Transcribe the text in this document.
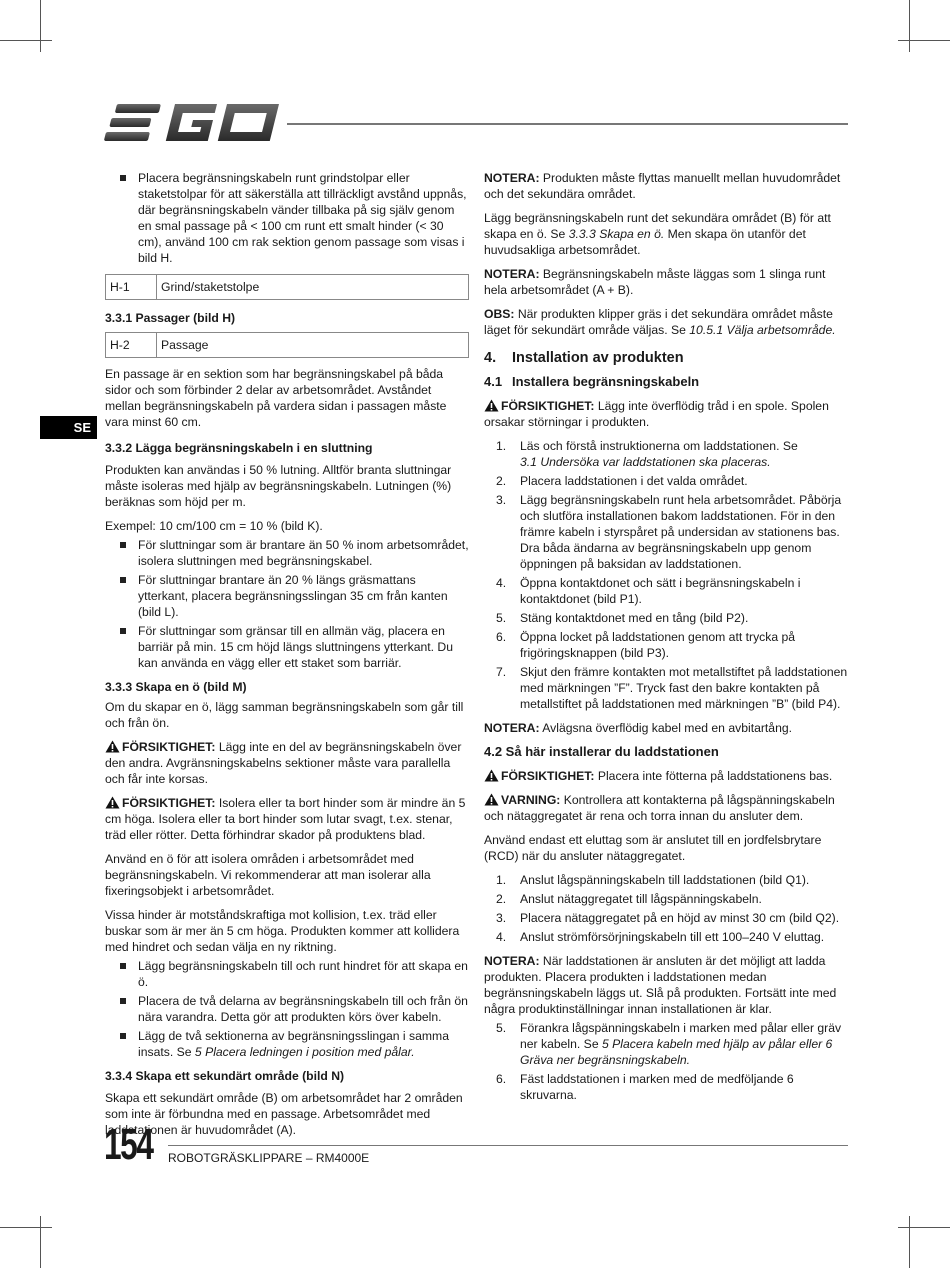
SE
Placera begränsningskabeln runt grindstolpar eller staketstolpar för att säkerställa att tillräckligt avstånd uppnås, där begränsningskabeln vänder tillbaka på sig själv genom en smal passage på < 100 cm runt ett smalt hinder (< 30 cm), använd 100 cm rak sektion genom passage som visas i bild H.
H-1	Grind/staketstolpe
3.3.1 Passager (bild H)
H-2	Passage

En passage är en sektion som har begränsningskabel på båda sidor och som förbinder 2 delar av arbetsområdet. Avståndet mellan begränsningskabeln på vardera sidan i passagen måste vara minst 60 cm.

3.3.2 Lägga begränsningskabeln i en sluttning

Produkten kan användas i 50 % lutning. Alltför branta sluttningar måste isoleras med hjälp av begränsningskabeln. Lutningen (%) beräknas som höjd per m.

Exempel: 10 cm/100 cm = 10 % (bild K).

För sluttningar som är brantare än 50 % inom arbetsområdet, isolera sluttningen med begränsningskabel.
För sluttningar brantare än 20 % längs gräsmattans ytterkant, placera begränsningsslingan 35 cm från kanten (bild L).
För sluttningar som gränsar till en allmän väg, placera en barriär på min. 15 cm höjd längs sluttningens ytterkant. Du kan använda en vägg eller ett staket som barriär.
3.3.3 Skapa en ö (bild M)

Om du skapar en ö, lägg samman begränsningskabeln som går till och från ön.

FÖRSIKTIGHET: Lägg inte en del av begränsningskabeln över den andra. Avgränsningskabelns sektioner måste vara parallella och får inte korsas.

FÖRSIKTIGHET: Isolera eller ta bort hinder som är mindre än 5 cm höga. Isolera eller ta bort hinder som lutar svagt, t.ex. stenar, träd eller rötter. Detta förhindrar skador på produktens blad.

Använd en ö för att isolera områden i arbetsområdet med begränsningskabeln. Vi rekommenderar att man isolerar alla fixeringsobjekt i arbetsområdet.

Vissa hinder är motståndskraftiga mot kollision, t.ex. träd eller buskar som är mer än 5 cm höga. Produkten kommer att kollidera med hindret och sedan välja en ny riktning.

Lägg begränsningskabeln till och runt hindret för att skapa en ö.
Placera de två delarna av begränsningskabeln till och från ön nära varandra. Detta gör att produkten körs över kabeln.
Lägg de två sektionerna av begränsningsslingan i samma insats. Se 5 Placera ledningen i position med pålar.
3.3.4 Skapa ett sekundärt område (bild N)

Skapa ett sekundärt område (B) om arbetsområdet har 2 områden som inte är förbundna med en passage. Arbetsområdet med laddstationen är huvudområdet (A).

NOTERA: Produkten måste flyttas manuellt mellan huvudområdet och det sekundära området.

Lägg begränsningskabeln runt det sekundära området (B) för att skapa en ö. Se 3.3.3 Skapa en ö. Men skapa ön utanför det huvudsakliga arbetsområdet.

NOTERA: Begränsningskabeln måste läggas som 1 slinga runt hela arbetsområdet (A + B).

OBS: När produkten klipper gräs i det sekundära området måste läget för sekundärt område väljas. Se 10.5.1 Välja arbetsområde.

4. Installation av produkten
4.1 Installera begränsningskabeln

FÖRSIKTIGHET: Lägg inte överflödig tråd i en spole. Spolen orsakar störningar i produkten.

1. Läs och förstå instruktionerna om laddstationen. Se
3.1 Undersöka var laddstationen ska placeras.
2. Placera laddstationen i det valda området.
3. Lägg begränsningskabeln runt hela arbetsområdet. Påbörja och slutföra installationen bakom laddstationen. För in den främre kabeln i styrspåret på undersidan av stationens bas. Dra båda ändarna av begränsningskabeln upp genom öppningen på baksidan av laddstationen.
4. Öppna kontaktdonet och sätt i begränsningskabeln i kontaktdonet (bild P1).
5. Stäng kontaktdonet med en tång (bild P2).
6. Öppna locket på laddstationen genom att trycka på frigöringsknappen (bild P3).
7. Skjut den främre kontakten mot metallstiftet på laddstationen med märkningen ”F”. Tryck fast den bakre kontakten på metallstiftet på laddstationen med märkningen ”B” (bild P4).

NOTERA: Avlägsna överflödig kabel med en avbitartång.

4.2 Så här installerar du laddstationen

FÖRSIKTIGHET: Placera inte fötterna på laddstationens bas.

VARNING: Kontrollera att kontakterna på lågspänningskabeln och nätaggregatet är rena och torra innan du ansluter dem.

Använd endast ett eluttag som är anslutet till en jordfelsbrytare (RCD) när du ansluter nätaggregatet.

1. Anslut lågspänningskabeln till laddstationen (bild Q1).
2. Anslut nätaggregatet till lågspänningskabeln.
3. Placera nätaggregatet på en höjd av minst 30 cm (bild Q2).
4. Anslut strömförsörjningskabeln till ett 100–240 V eluttag.

NOTERA: När laddstationen är ansluten är det möjligt att ladda produkten. Placera produkten i laddstationen medan begränsningskabeln läggs ut. Slå på produkten. Fortsätt inte med några produktinställningar innan installationen är klar.

5. Förankra lågspänningskabeln i marken med pålar eller gräv ner kabeln. Se 5 Placera kabeln med hjälp av pålar eller 6 Gräva ner begränsningskabeln.
6. Fäst laddstationen i marken med de medföljande 6 skruvarna.
154 ROBOTGRÄSKLIPPARE – RM4000E
